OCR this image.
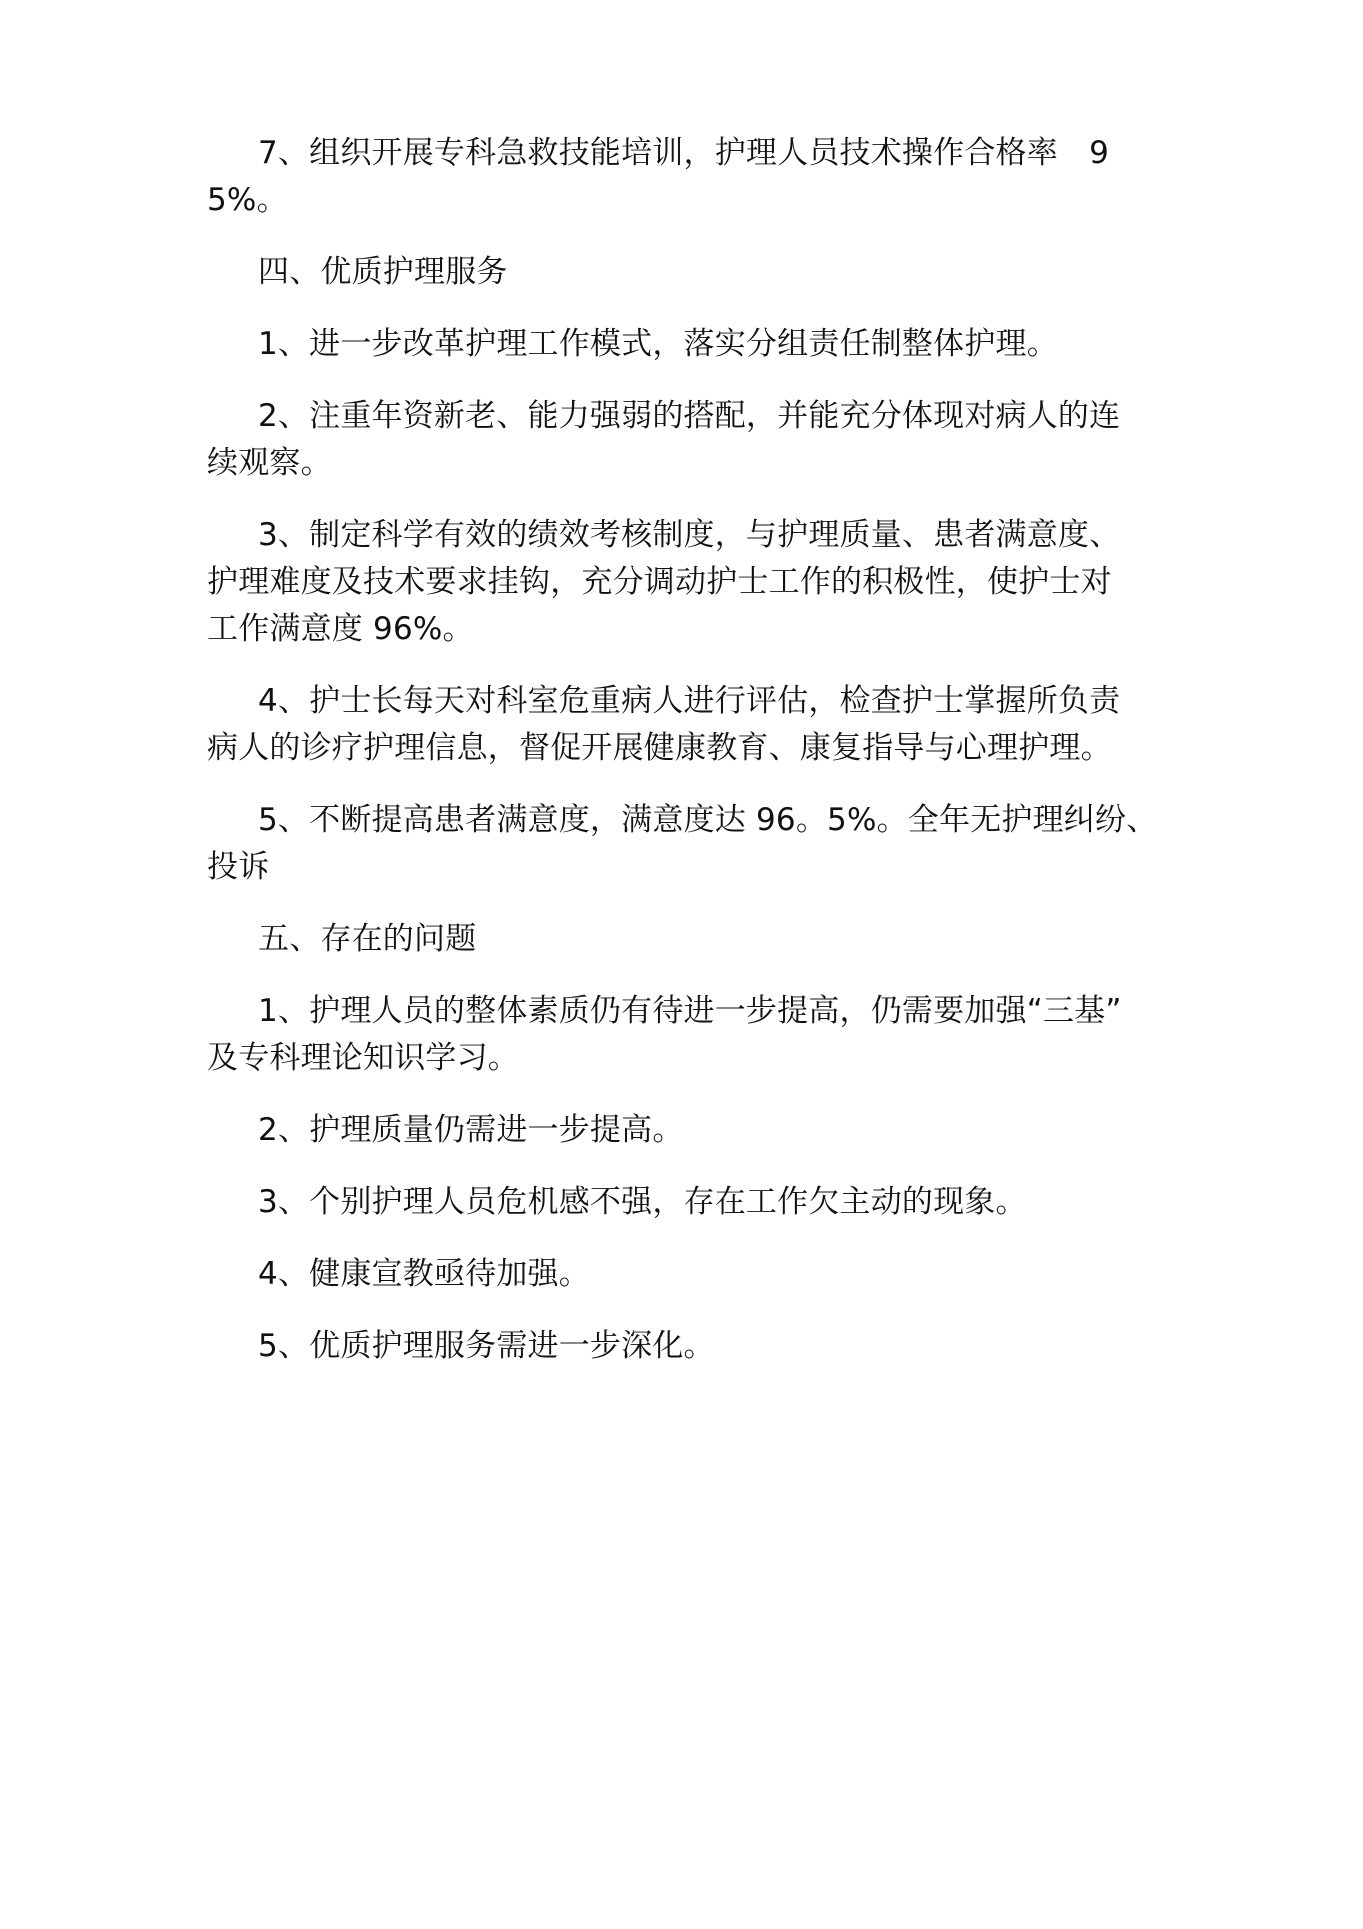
7、组织开展专科急救技能培训，护理人员技术操作合格率　95%。

四、优质护理服务

1、进一步改革护理工作模式，落实分组责任制整体护理。

2、注重年资新老、能力强弱的搭配，并能充分体现对病人的连
续观察。

3、制定科学有效的绩效考核制度，与护理质量、患者满意度、
护理难度及技术要求挂钩，充分调动护士工作的积极性，使护士对
工作满意度 96%。

4、护士长每天对科室危重病人进行评估，检查护士掌握所负责
病人的诊疗护理信息，督促开展健康教育、康复指导与心理护理。

5、不断提高患者满意度，满意度达 96。5%。全年无护理纠纷、
投诉

五、存在的问题

1、护理人员的整体素质仍有待进一步提高，仍需要加强“三基”
及专科理论知识学习。

2、护理质量仍需进一步提高。

3、个别护理人员危机感不强，存在工作欠主动的现象。

4、健康宣教亟待加强。

5、优质护理服务需进一步深化。
